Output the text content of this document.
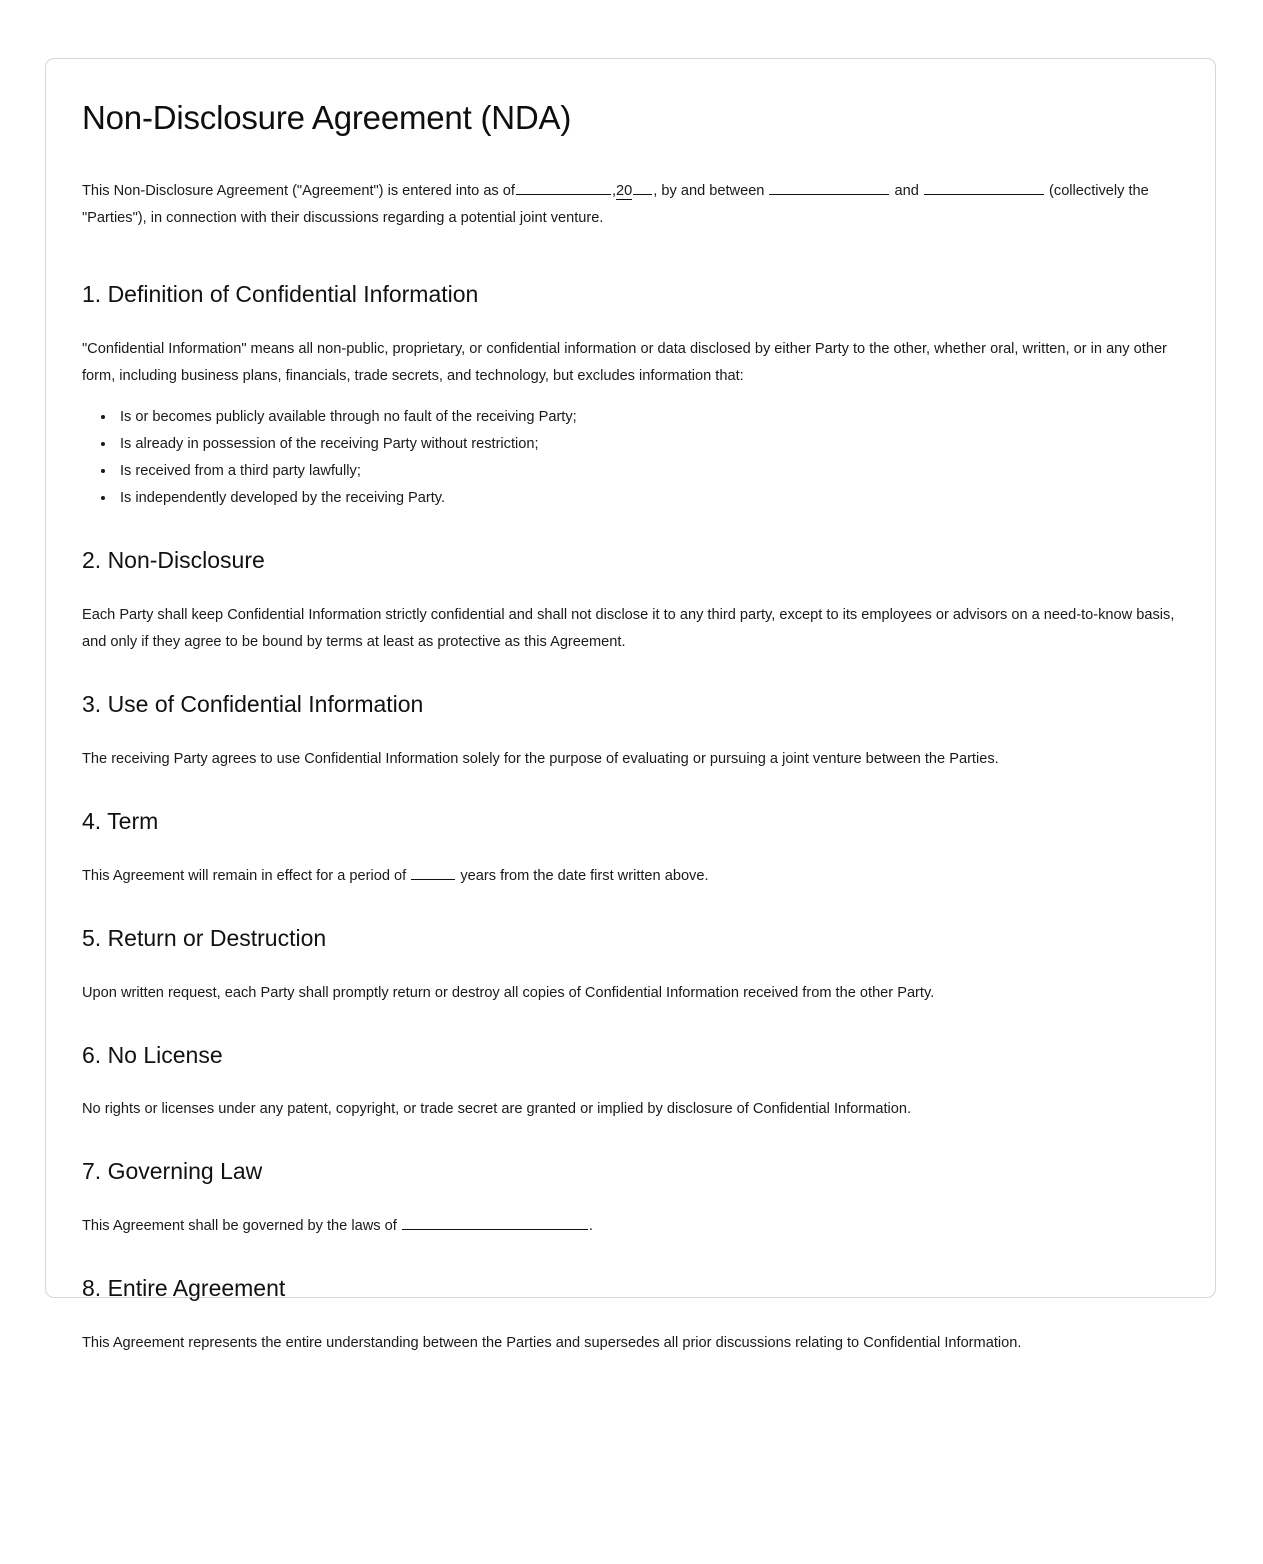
Non-Disclosure Agreement (NDA)

This Non-Disclosure Agreement ("Agreement") is entered into as of	,20 , by and between	and	(collectively the "Parties"), in connection with their discussions regarding a potential joint venture.

1. Definition of Confidential Information

"Confidential Information" means all non-public, proprietary, or confidential information or data disclosed by either Party to the other, whether oral, written, or in any other form, including business plans, financials, trade secrets, and technology, but excludes information that:

• Is or becomes publicly available through no fault of the receiving Party;
• Is already in possession of the receiving Party without restriction;
• Is received from a third party lawfully;
• Is independently developed by the receiving Party.
2. Non-Disclosure

Each Party shall keep Confidential Information strictly confidential and shall not disclose it to any third party, except to its employees or advisors on a need-to-know basis, and only if they agree to be bound by terms at least as protective as this Agreement.

3. Use of Confidential Information

The receiving Party agrees to use Confidential Information solely for the purpose of evaluating or pursuing a joint venture between the Parties.

4. Term

This Agreement will remain in effect for a period of	years from the date first written above.

5. Return or Destruction

Upon written request, each Party shall promptly return or destroy all copies of Confidential Information received from the other Party.

6. No License

No rights or licenses under any patent, copyright, or trade secret are granted or implied by disclosure of Confidential Information.

7. Governing Law

This Agreement shall be governed by the laws of	.

8. Entire Agreement

This Agreement represents the entire understanding between the Parties and supersedes all prior discussions relating to Confidential Information.
